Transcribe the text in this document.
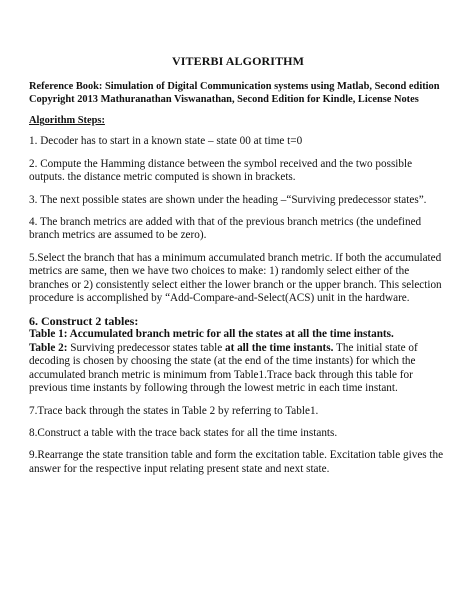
VITERBI ALGORITHM

Reference Book: Simulation of Digital Communication systems using Matlab, Second edition Copyright 2013 Mathuranathan Viswanathan, Second Edition for Kindle, License Notes

Algorithm Steps:

1. Decoder has to start in a known state – state 00 at time t=0

2. Compute the Hamming distance between the symbol received and the two possible outputs. the distance metric computed is shown in brackets.

3. The next possible states are shown under the heading –“Surviving predecessor states”.

4. The branch metrics are added with that of the previous branch metrics (the undefined branch metrics are assumed to be zero).

5.Select the branch that has a minimum accumulated branch metric. If both the accumulated metrics are same, then we have two choices to make: 1) randomly select either of the branches or 2) consistently select either the lower branch or the upper branch. This selection procedure is accomplished by “Add-Compare-and-Select(ACS) unit in the hardware.

6. Construct 2 tables:

Table 1: Accumulated branch metric for all the states at all the time instants.

Table 2: Surviving predecessor states table at all the time instants. The initial state of decoding is chosen by choosing the state (at the end of the time instants) for which the accumulated branch metric is minimum from Table1.Trace back through this table for previous time instants by following through the lowest metric in each time instant.

7.Trace back through the states in Table 2 by referring to Table1.

8.Construct a table with the trace back states for all the time instants.

9.Rearrange the state transition table and form the excitation table. Excitation table gives the answer for the respective input relating present state and next state.
